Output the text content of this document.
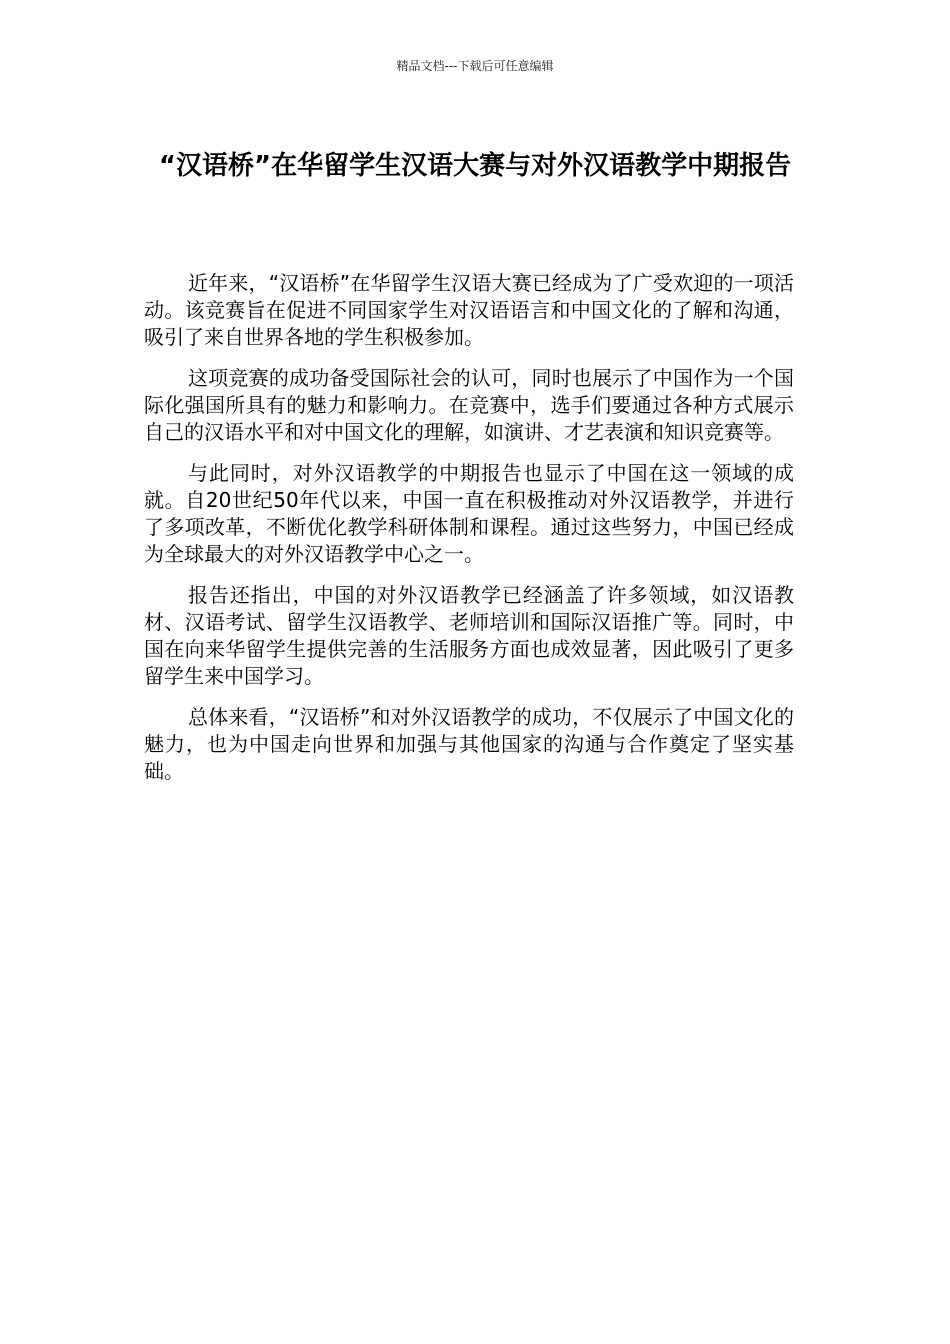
精品文档---下载后可任意编辑
“汉语桥”在华留学生汉语大赛与对外汉语教学中期报告

近年来，“汉语桥”在华留学生汉语大赛已经成为了广受欢迎的一项活动。该竞赛旨在促进不同国家学生对汉语语言和中国文化的了解和沟通，吸引了来自世界各地的学生积极参加。

这项竞赛的成功备受国际社会的认可，同时也展示了中国作为一个国际化强国所具有的魅力和影响力。在竞赛中，选手们要通过各种方式展示自己的汉语水平和对中国文化的理解，如演讲、才艺表演和知识竞赛等。

与此同时，对外汉语教学的中期报告也显示了中国在这一领域的成就。自20世纪50年代以来，中国一直在积极推动对外汉语教学，并进行了多项改革，不断优化教学科研体制和课程。通过这些努力，中国已经成为全球最大的对外汉语教学中心之一。

报告还指出，中国的对外汉语教学已经涵盖了许多领域，如汉语教材、汉语考试、留学生汉语教学、老师培训和国际汉语推广等。同时，中国在向来华留学生提供完善的生活服务方面也成效显著，因此吸引了更多留学生来中国学习。

总体来看，“汉语桥”和对外汉语教学的成功，不仅展示了中国文化的魅力，也为中国走向世界和加强与其他国家的沟通与合作奠定了坚实基础。
